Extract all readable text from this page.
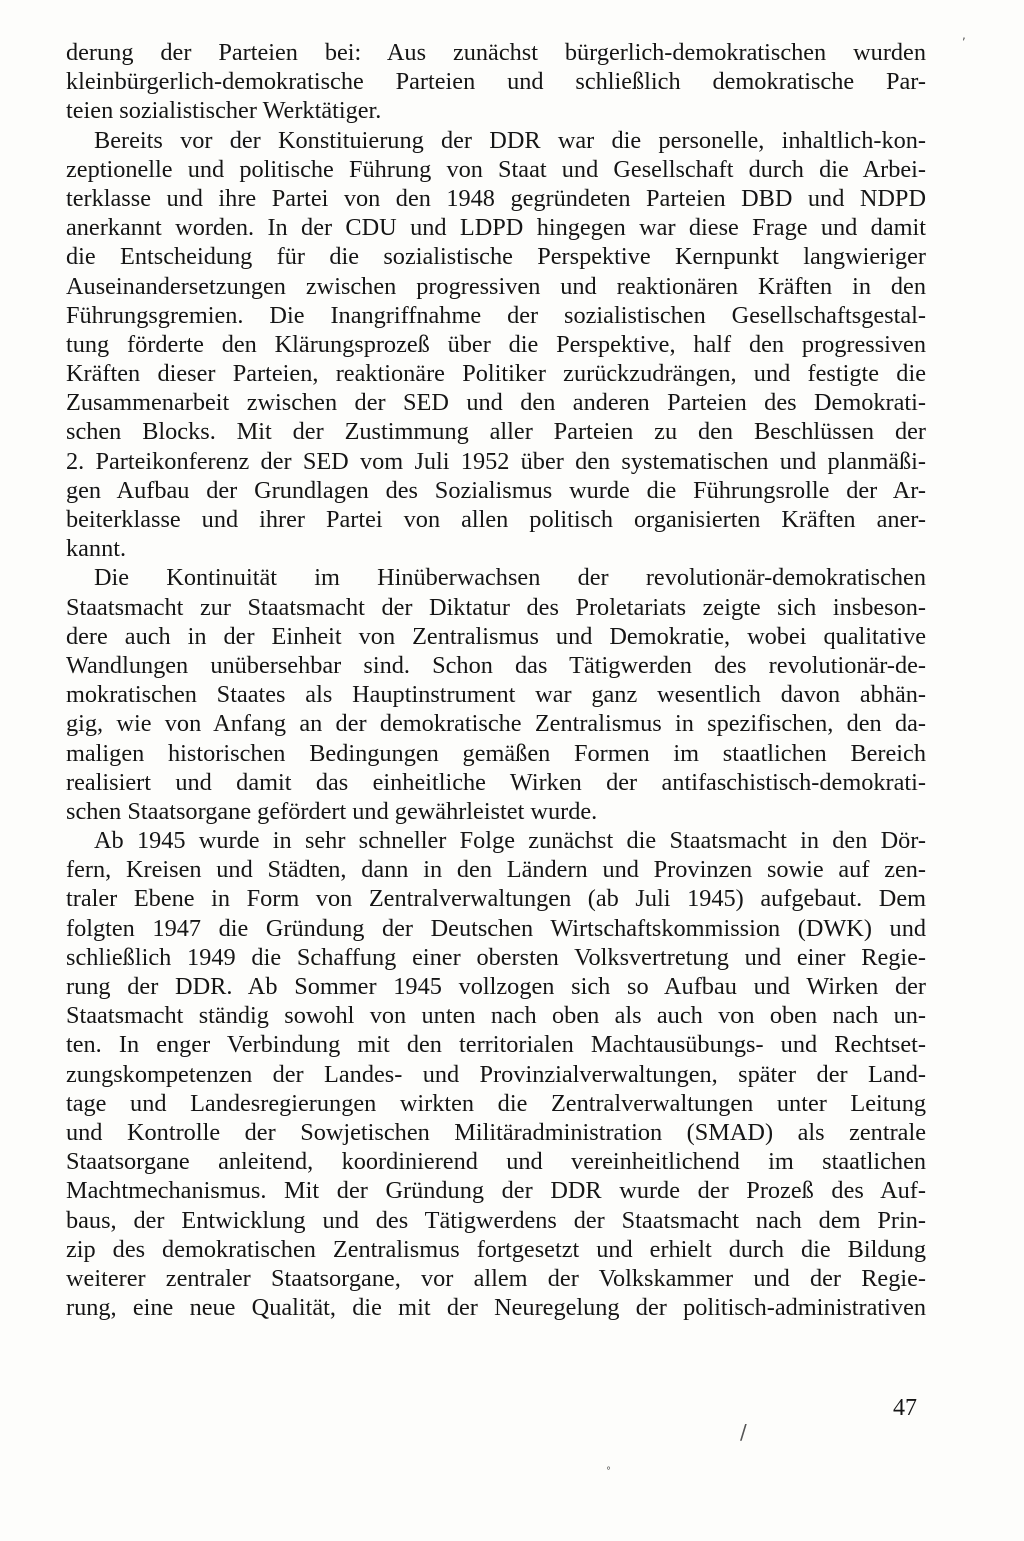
derung der Parteien bei: Aus zunächst bürgerlich-demokratischen wurden
kleinbürgerlich-demokratische Parteien und schließlich demokratische Par-
teien sozialistischer Werktätiger.
Bereits vor der Konstituierung der DDR war die personelle, inhaltlich-kon-
zeptionelle und politische Führung von Staat und Gesellschaft durch die Arbei-
terklasse und ihre Partei von den 1948 gegründeten Parteien DBD und NDPD
anerkannt worden. In der CDU und LDPD hingegen war diese Frage und damit
die Entscheidung für die sozialistische Perspektive Kernpunkt langwieriger
Auseinandersetzungen zwischen progressiven und reaktionären Kräften in den
Führungsgremien. Die Inangriffnahme der sozialistischen Gesellschaftsgestal-
tung förderte den Klärungsprozeß über die Perspektive, half den progressiven
Kräften dieser Parteien, reaktionäre Politiker zurückzudrängen, und festigte die
Zusammenarbeit zwischen der SED und den anderen Parteien des Demokrati-
schen Blocks. Mit der Zustimmung aller Parteien zu den Beschlüssen der
2. Parteikonferenz der SED vom Juli 1952 über den systematischen und planmäßi-
gen Aufbau der Grundlagen des Sozialismus wurde die Führungsrolle der Ar-
beiterklasse und ihrer Partei von allen politisch organisierten Kräften aner-
kannt.
Die Kontinuität im Hinüberwachsen der revolutionär-demokratischen
Staatsmacht zur Staatsmacht der Diktatur des Proletariats zeigte sich insbeson-
dere auch in der Einheit von Zentralismus und Demokratie, wobei qualitative
Wandlungen unübersehbar sind. Schon das Tätigwerden des revolutionär-de-
mokratischen Staates als Hauptinstrument war ganz wesentlich davon abhän-
gig, wie von Anfang an der demokratische Zentralismus in spezifischen, den da-
maligen historischen Bedingungen gemäßen Formen im staatlichen Bereich
realisiert und damit das einheitliche Wirken der antifaschistisch-demokrati-
schen Staatsorgane gefördert und gewährleistet wurde.
Ab 1945 wurde in sehr schneller Folge zunächst die Staatsmacht in den Dör-
fern, Kreisen und Städten, dann in den Ländern und Provinzen sowie auf zen-
traler Ebene in Form von Zentralverwaltungen (ab Juli 1945) aufgebaut. Dem
folgten 1947 die Gründung der Deutschen Wirtschaftskommission (DWK) und
schließlich 1949 die Schaffung einer obersten Volksvertretung und einer Regie-
rung der DDR. Ab Sommer 1945 vollzogen sich so Aufbau und Wirken der
Staatsmacht ständig sowohl von unten nach oben als auch von oben nach un-
ten. In enger Verbindung mit den territorialen Machtausübungs- und Rechtset-
zungskompetenzen der Landes- und Provinzialverwaltungen, später der Land-
tage und Landesregierungen wirkten die Zentralverwaltungen unter Leitung
und Kontrolle der Sowjetischen Militäradministration (SMAD) als zentrale
Staatsorgane anleitend, koordinierend und vereinheitlichend im staatlichen
Machtmechanismus. Mit der Gründung der DDR wurde der Prozeß des Auf-
baus, der Entwicklung und des Tätigwerdens der Staatsmacht nach dem Prin-
zip des demokratischen Zentralismus fortgesetzt und erhielt durch die Bildung
weiterer zentraler Staatsorgane, vor allem der Volkskammer und der Regie-
rung, eine neue Qualität, die mit der Neuregelung der politisch-administrativen
47
,
/
°
